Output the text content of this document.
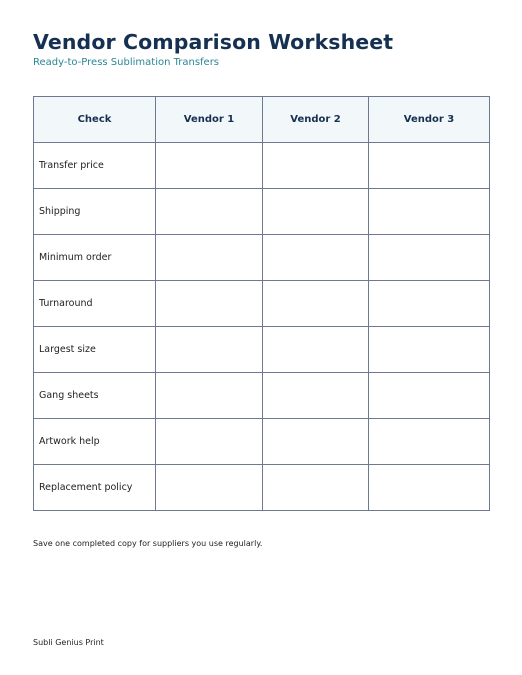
Vendor Comparison Worksheet
Ready-to-Press Sublimation Transfers
Check	Vendor 1	Vendor 2	Vendor 3
Transfer price			
Shipping			
Minimum order			
Turnaround			
Largest size			
Gang sheets			
Artwork help			
Replacement policy			
Save one completed copy for suppliers you use regularly.
Subli Genius Print
